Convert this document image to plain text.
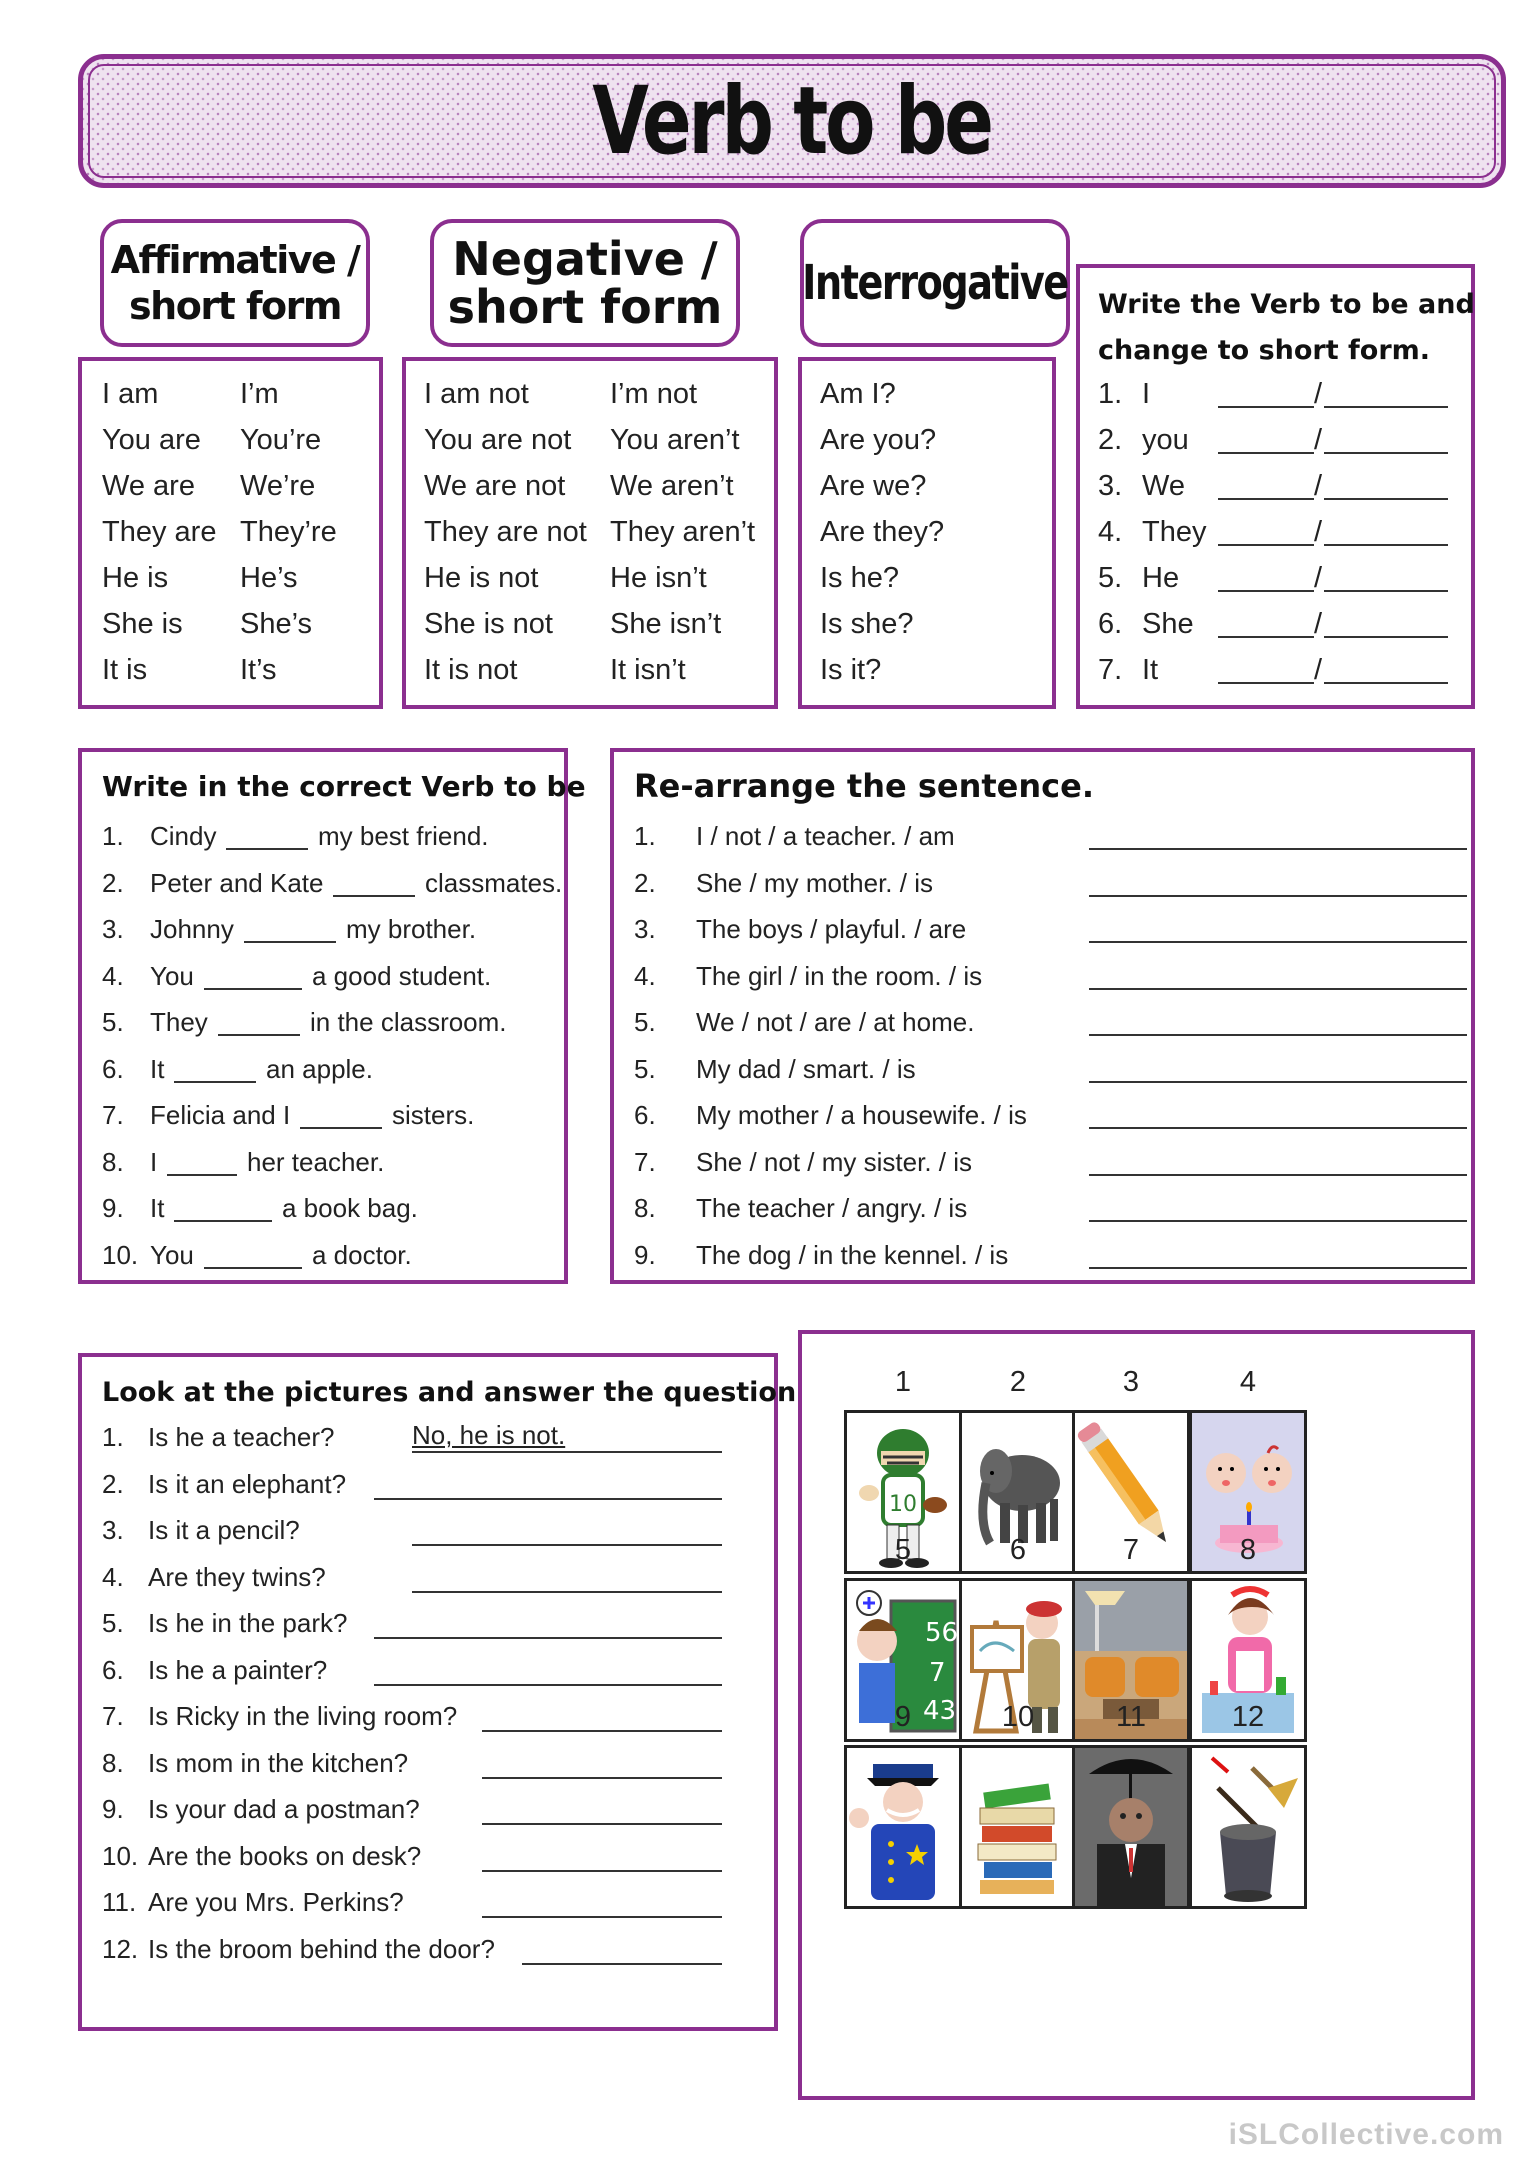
Verb to be
Affirmative /
short form
Negative /
short form Interrogative
I am	I’m
You are You’re
We are We’re
They are They’re
He is He’s
She is She’s
It is	It’s
I am not	I’m not
You are not You aren’t
We are not We aren’t
They are not They aren’t
He is not He isn’t
She is not She isn’t
It is not	It isn’t
Am I?
Are you?
Are we?
Are they?
Is he?
Is she?
Is it?
Write the Verb to be and
change to short form.
1. I	/
2. you	/
3. We	/
4. They	/
5. He	/
6. She	/
7. It	/
Write in the correct Verb to be
1. Cindy	my best friend.
2. Peter and Kate	classmates.
3. Johnny	my brother.
4. You	a good student.
5. They	in the classroom.
6. It	an apple.
7. Felicia and I	sisters.
8. I	her teacher.
9. It	a book bag.
10. You	a doctor.
Re-arrange the sentence.
1. I / not / a teacher. / am
2. She / my mother. / is
3. The boys / playful. / are
4. The girl / in the room. / is
5. We / not / are / at home.
5. My dad / smart. / is
6. My mother / a housewife. / is
7. She / not / my sister. / is
8. The teacher / angry. / is
9. The dog / in the kennel. / is
Look at the pictures and answer the question
1. Is he a teacher?	No, he is not.
2. Is it an elephant?
3. Is it a pencil?
4. Are they twins?
5. Is he in the park?
6. Is he a painter?
7. Is Ricky in the living room?
8. Is mom in the kitchen?
9. Is your dad a postman?
10. Are the books on desk?
11. Are you Mrs. Perkins?
12. Is the broom behind the door?
1
10
2	3	4
5
56
7
43
6	7	8
9	10	11	12
iSLCollective.com
